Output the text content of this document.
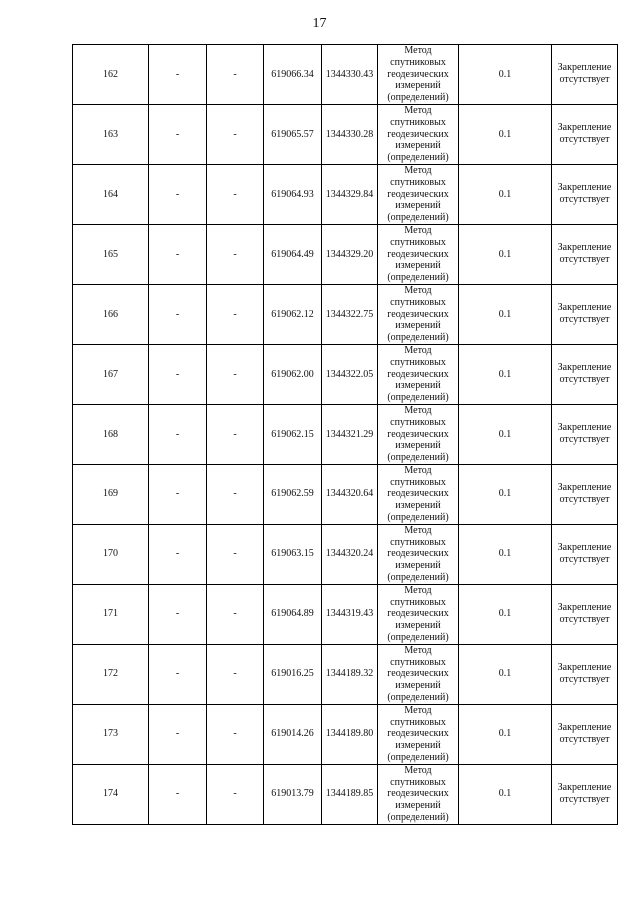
17
162	-	-	619066.34	1344330.43	Метод
спутниковых
геодезических
измерений
(определений)	0.1	Закрепление
отсутствует

163	-	-	619065.57	1344330.28	Метод
спутниковых
геодезических
измерений
(определений)	0.1	Закрепление
отсутствует

164	-	-	619064.93	1344329.84	Метод
спутниковых
геодезических
измерений
(определений)	0.1	Закрепление
отсутствует

165	-	-	619064.49	1344329.20	Метод
спутниковых
геодезических
измерений
(определений)	0.1	Закрепление
отсутствует

166	-	-	619062.12	1344322.75	Метод
спутниковых
геодезических
измерений
(определений)	0.1	Закрепление
отсутствует

167	-	-	619062.00	1344322.05	Метод
спутниковых
геодезических
измерений
(определений)	0.1	Закрепление
отсутствует

168	-	-	619062.15	1344321.29	Метод
спутниковых
геодезических
измерений
(определений)	0.1	Закрепление
отсутствует

169	-	-	619062.59	1344320.64	Метод
спутниковых
геодезических
измерений
(определений)	0.1	Закрепление
отсутствует

170	-	-	619063.15	1344320.24	Метод
спутниковых
геодезических
измерений
(определений)	0.1	Закрепление
отсутствует

171	-	-	619064.89	1344319.43	Метод
спутниковых
геодезических
измерений
(определений)	0.1	Закрепление
отсутствует

172	-	-	619016.25	1344189.32	Метод
спутниковых
геодезических
измерений
(определений)	0.1	Закрепление
отсутствует

173	-	-	619014.26	1344189.80	Метод
спутниковых
геодезических
измерений
(определений)	0.1	Закрепление
отсутствует

174	-	-	619013.79	1344189.85	Метод
спутниковых
геодезических
измерений
(определений)	0.1	Закрепление
отсутствует
